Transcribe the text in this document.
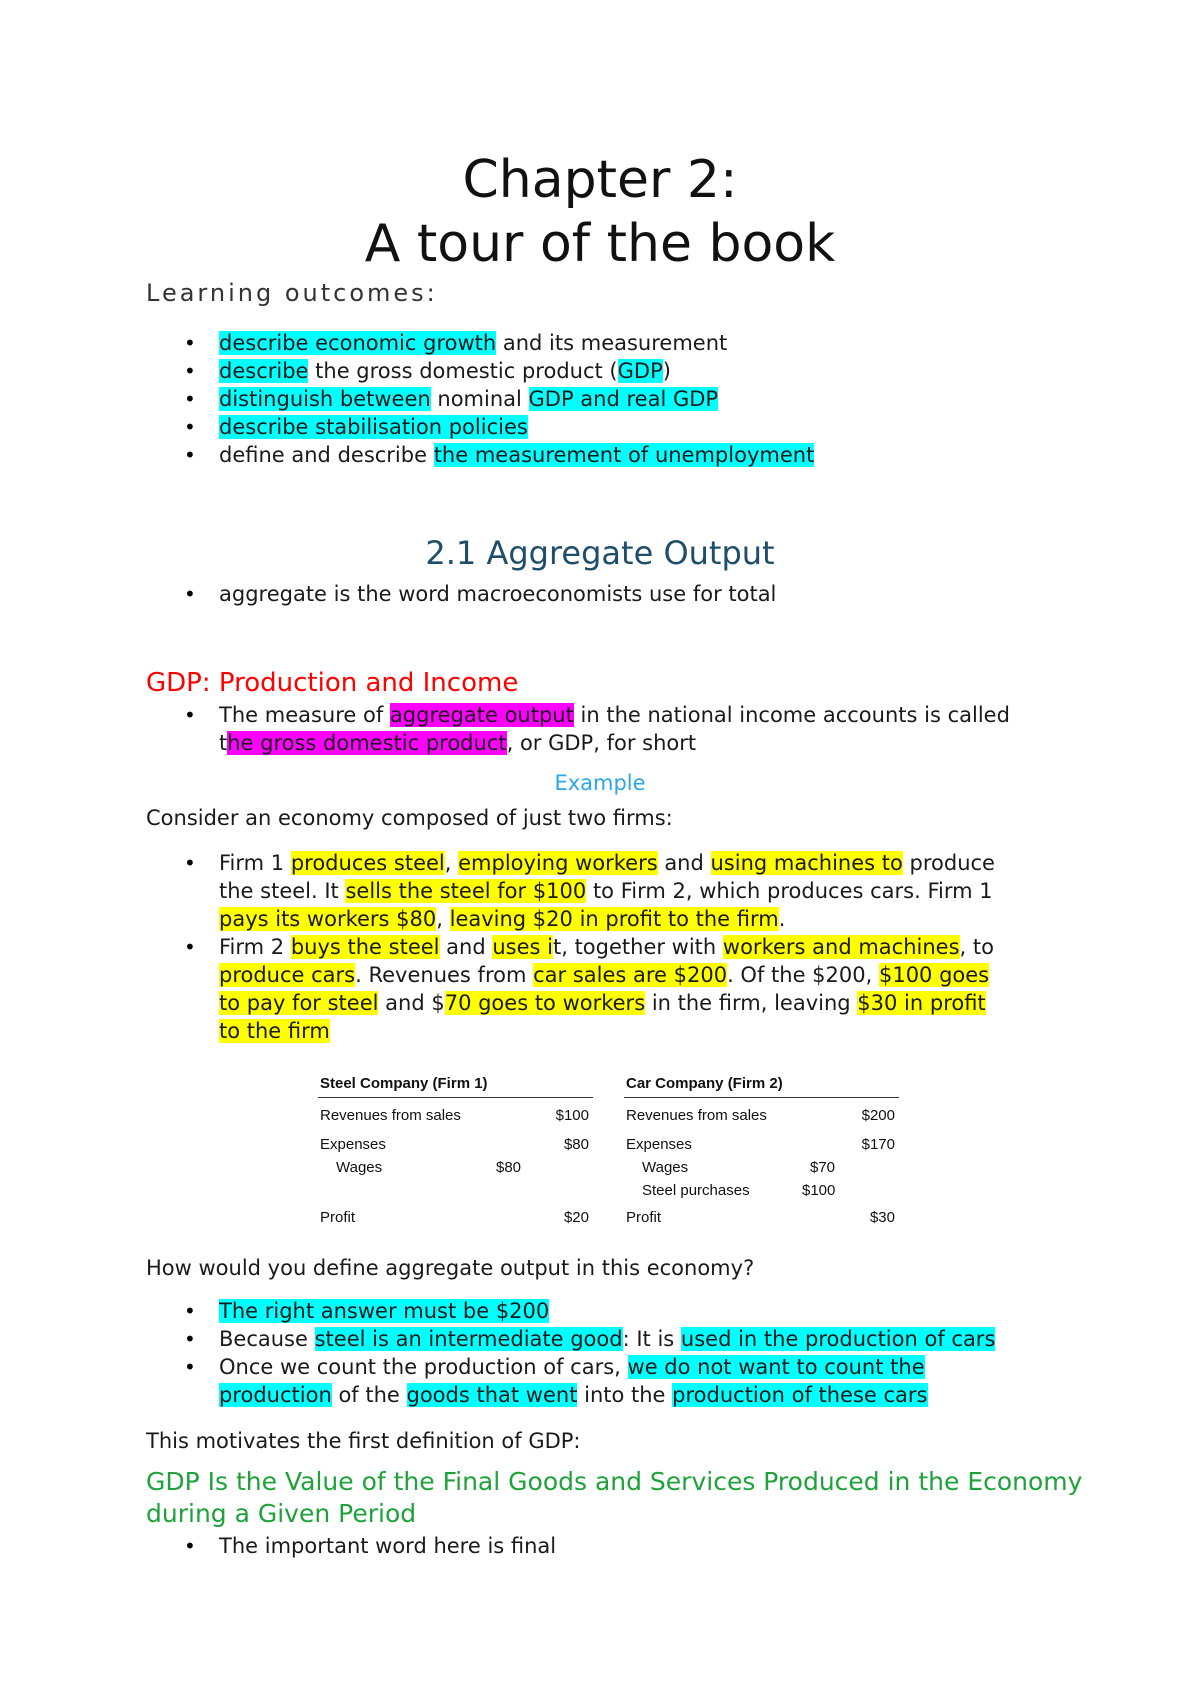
Chapter 2:
A tour of the book
Learning outcomes:
• describe economic growth and its measurement
• describe the gross domestic product (GDP)
• distinguish between nominal GDP and real GDP
• describe stabilisation policies
• define and describe the measurement of unemployment
2.1 Aggregate Output
• aggregate is the word macroeconomists use for total
GDP: Production and Income
• The measure of aggregate output in the national income accounts is called
the gross domestic product, or GDP, for short
Example
Consider an economy composed of just two firms:
• Firm 1 produces steel, employing workers and using machines to produce
the steel. It sells the steel for $100 to Firm 2, which produces cars. Firm 1
pays its workers $80, leaving $20 in profit to the firm.
• Firm 2 buys the steel and uses it, together with workers and machines, to
produce cars. Revenues from car sales are $200. Of the $200, $100 goes
to pay for steel and $70 goes to workers in the firm, leaving $30 in profit
to the firm
Steel Company (Firm 1)
Revenues from sales	$100
Expenses	$80
Wages	$80
Profit	$20
Car Company (Firm 2)
Revenues from sales	$200
Expenses	$170
Wages	$70
Steel purchases	$100
Profit	$30
How would you define aggregate output in this economy?
• The right answer must be $200
• Because steel is an intermediate good: It is used in the production of cars
• Once we count the production of cars, we do not want to count the
production of the goods that went into the production of these cars
This motivates the first definition of GDP:
GDP Is the Value of the Final Goods and Services Produced in the Economy
during a Given Period
• The important word here is final
